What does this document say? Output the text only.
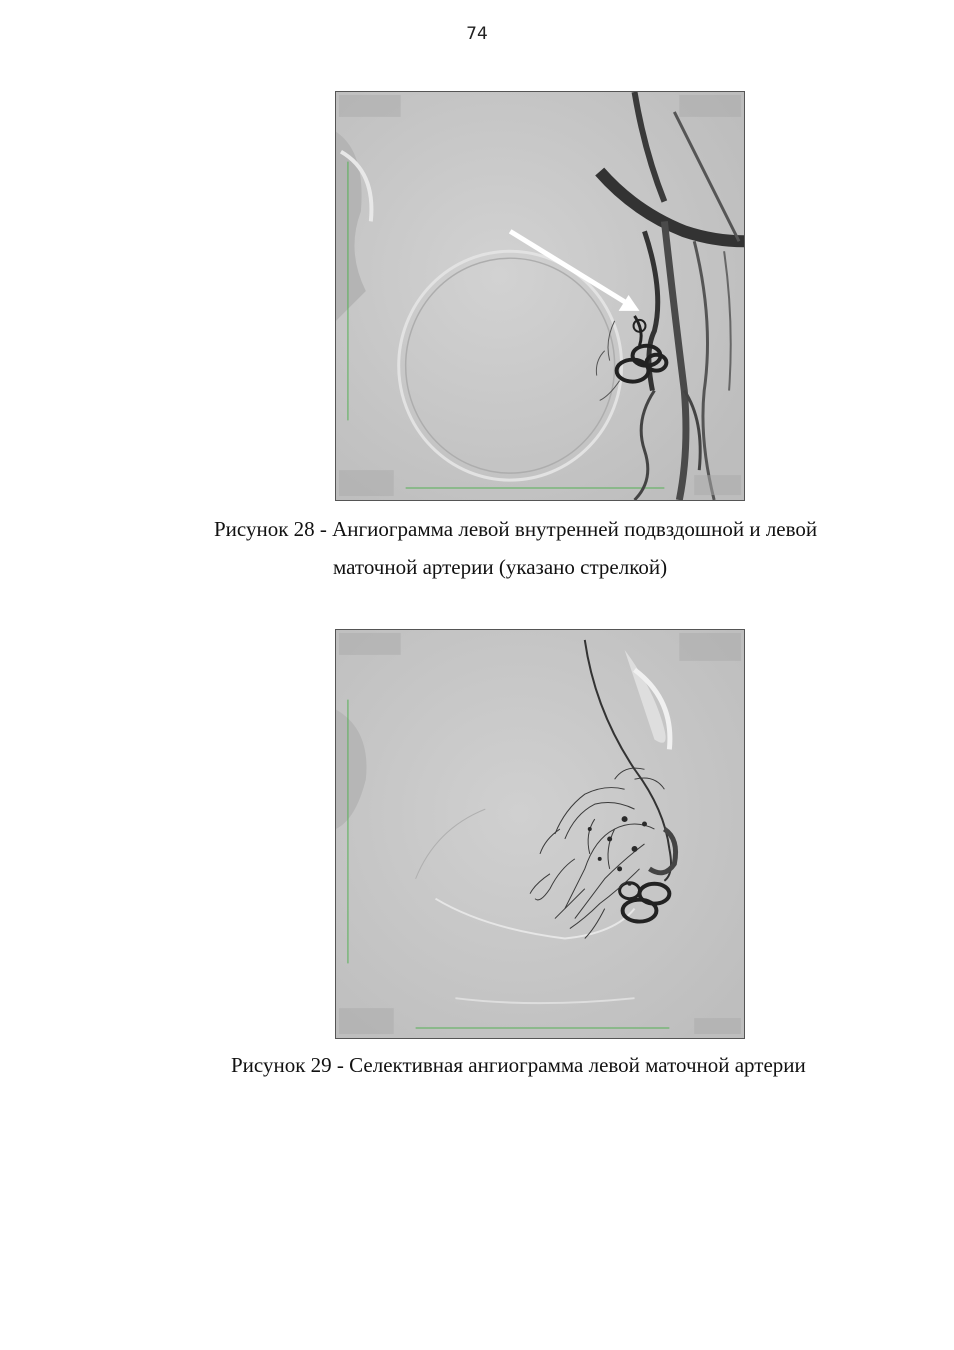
74
Рисунок 28 - Ангиограмма левой внутренней подвздошной и левой
маточной артерии (указано стрелкой)
Рисунок 29 - Селективная ангиограмма левой маточной артерии
